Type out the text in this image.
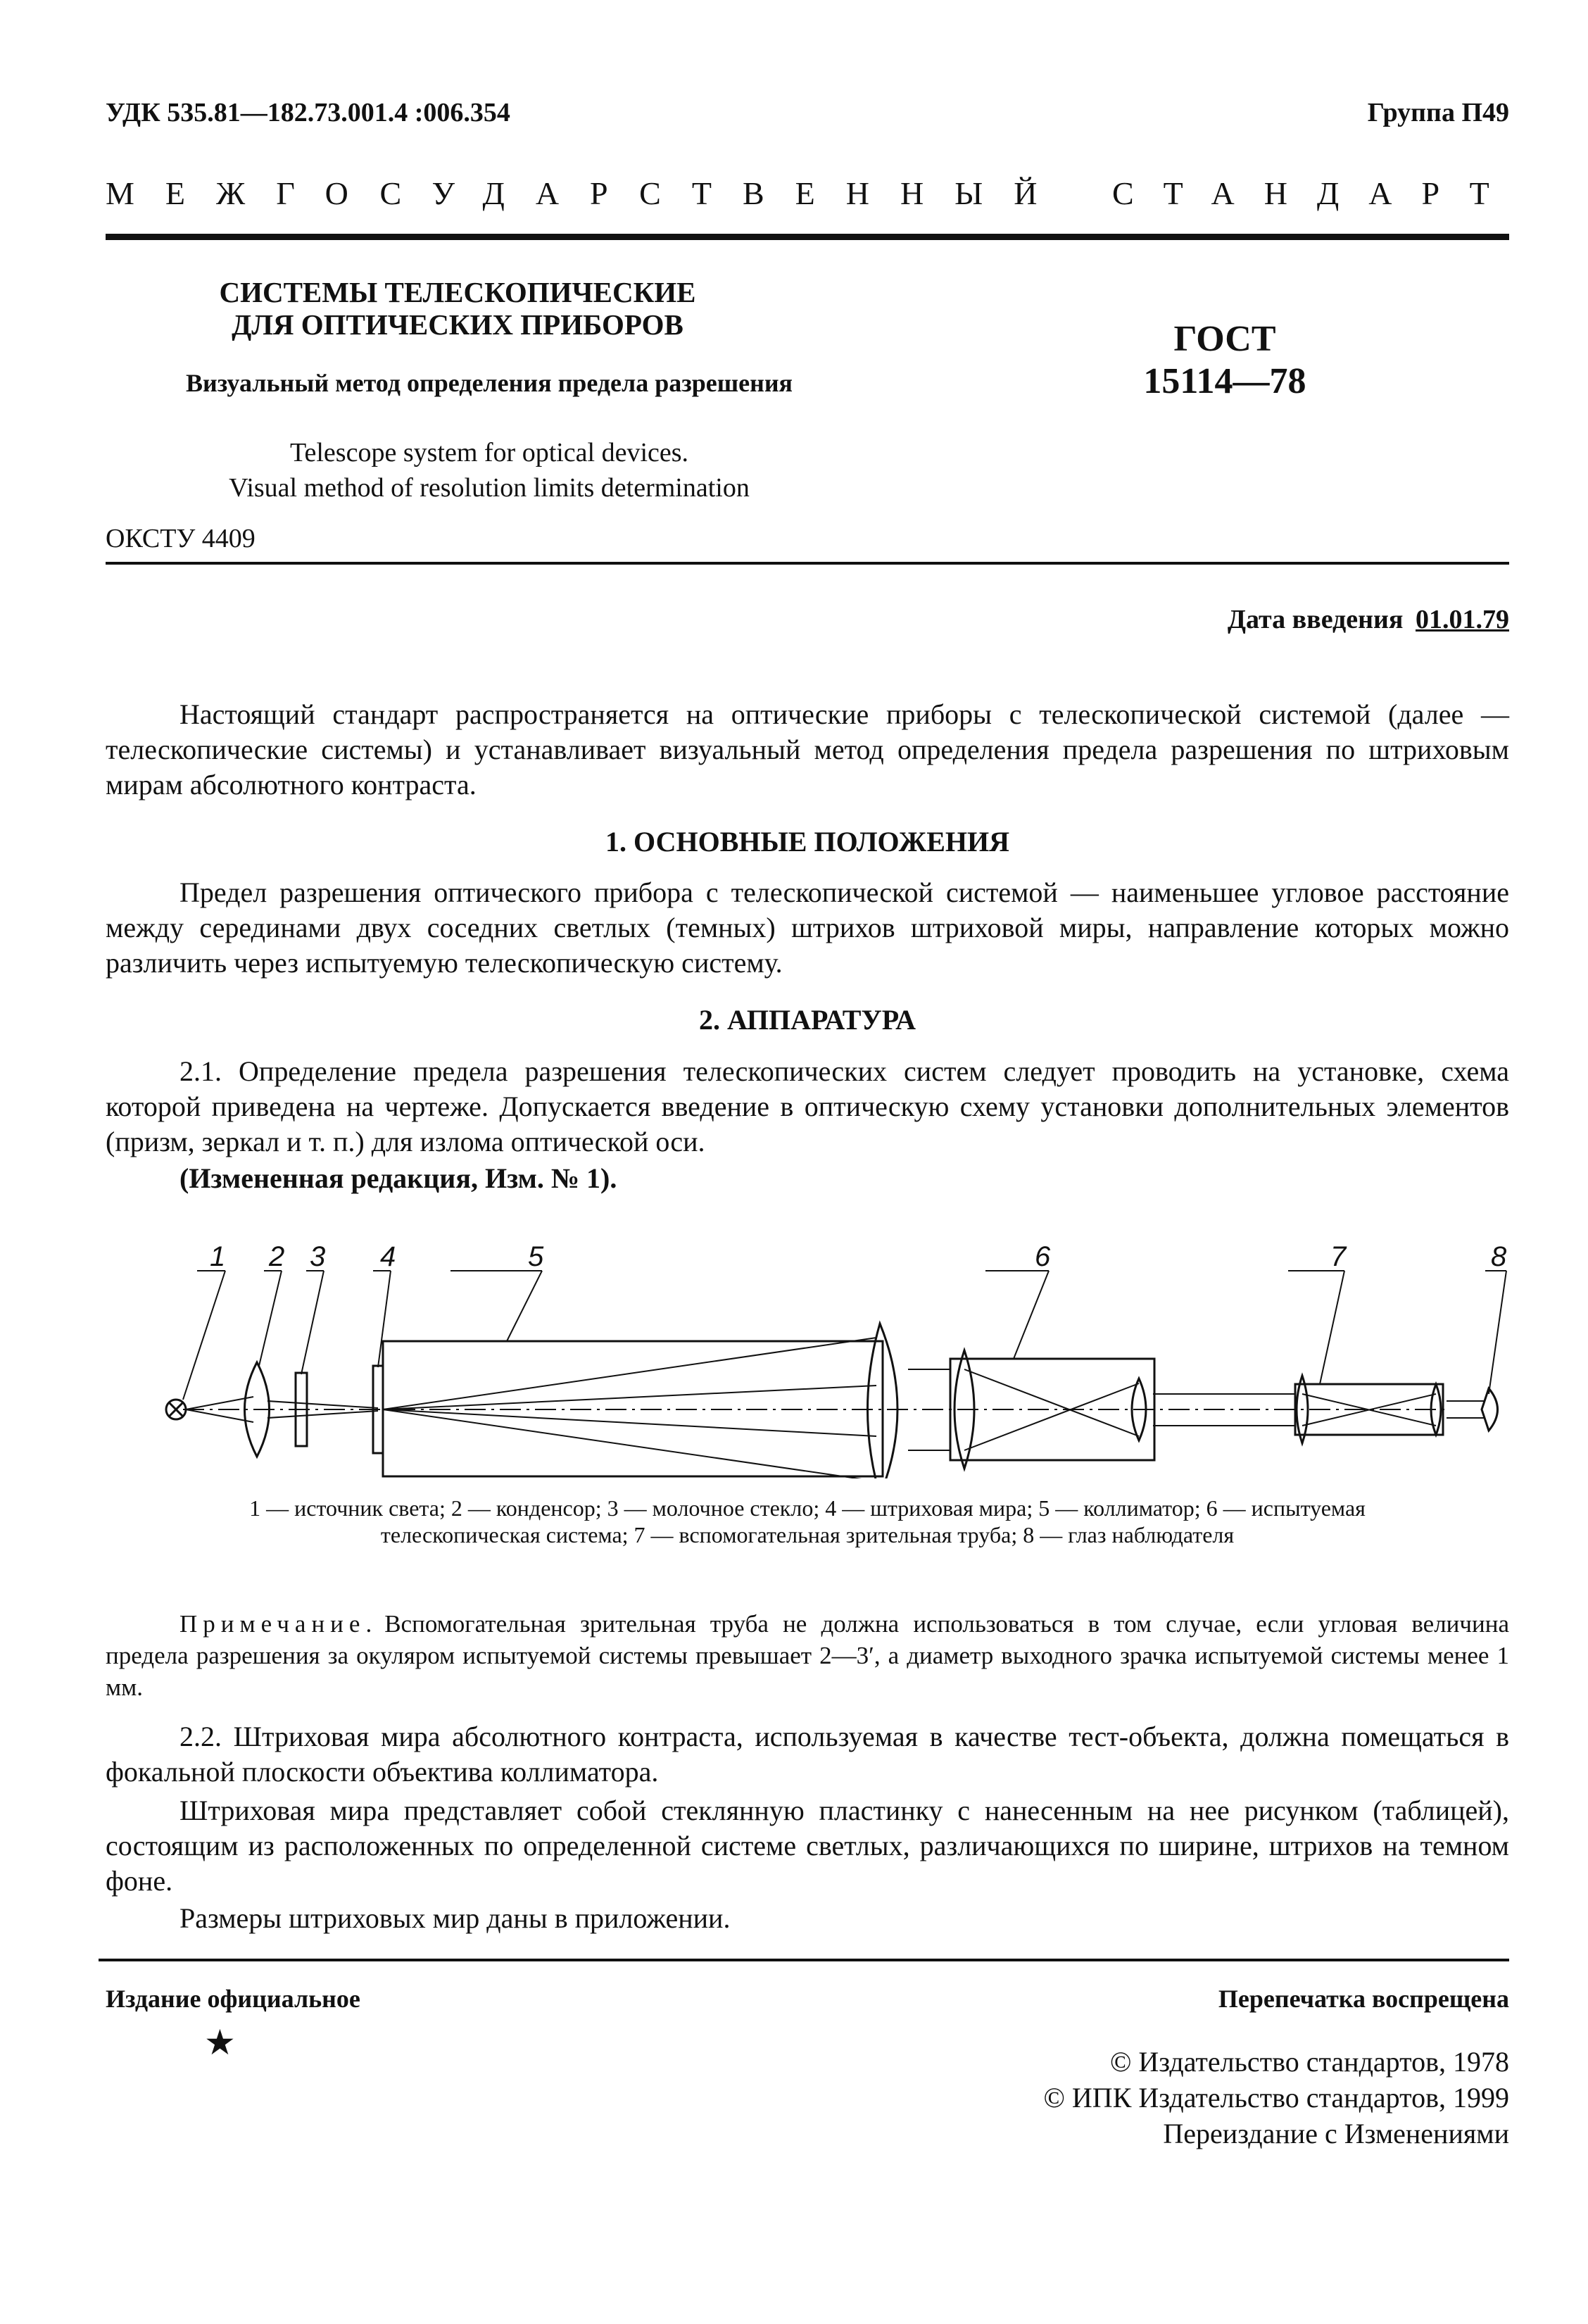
УДК 535.81—182.73.001.4 :006.354	Группа П49
МЕЖГОСУДАРСТВЕННЫЙ СТАНДАРТ
СИСТЕМЫ ТЕЛЕСКОПИЧЕСКИЕ
ДЛЯ ОПТИЧЕСКИХ ПРИБОРОВ
Визуальный метод определения предела разрешения
Telescope system for optical devices.
Visual method of resolution limits determination
ГОСТ
15114—78
ОКСТУ 4409
Дата введения 01.01.79
Настоящий стандарт распространяется на оптические приборы с телескопической системой (далее — телескопические системы) и устанавливает визуальный метод определения предела разрешения по штриховым мирам абсолютного контраста.
1. ОСНОВНЫЕ ПОЛОЖЕНИЯ
Предел разрешения оптического прибора с телескопической системой — наименьшее угловое расстояние между серединами двух соседних светлых (темных) штрихов штриховой миры, направление которых можно различить через испытуемую телескопическую систему.
2. АППАРАТУРА
2.1. Определение предела разрешения телескопических систем следует проводить на установке, схема которой приведена на чертеже. Допускается введение в оптическую схему установки дополнительных элементов (призм, зеркал и т. п.) для излома оптической оси.
(Измененная редакция, Изм. № 1).
1 2 3 4	5	6	7	8
1 — источник света; 2 — конденсор; 3 — молочное стекло; 4 — штриховая мира; 5 — коллиматор; 6 — испытуемая
телескопическая система; 7 — вспомогательная зрительная труба; 8 — глаз наблюдателя
Примечание. Вспомогательная зрительная труба не должна использоваться в том случае, если угловая величина предела разрешения за окуляром испытуемой системы превышает 2—3′, а диаметр выходного зрачка испытуемой системы менее 1 мм.
2.2. Штриховая мира абсолютного контраста, используемая в качестве тест-объекта, должна помещаться в фокальной плоскости объектива коллиматора.
Штриховая мира представляет собой стеклянную пластинку с нанесенным на нее рисунком (таблицей), состоящим из расположенных по определенной системе светлых, различающихся по ширине, штрихов на темном фоне.
Размеры штриховых мир даны в приложении.
Издание официальное
★
Перепечатка воспрещена
© Издательство стандартов, 1978
© ИПК Издательство стандартов, 1999
Переиздание с Изменениями
